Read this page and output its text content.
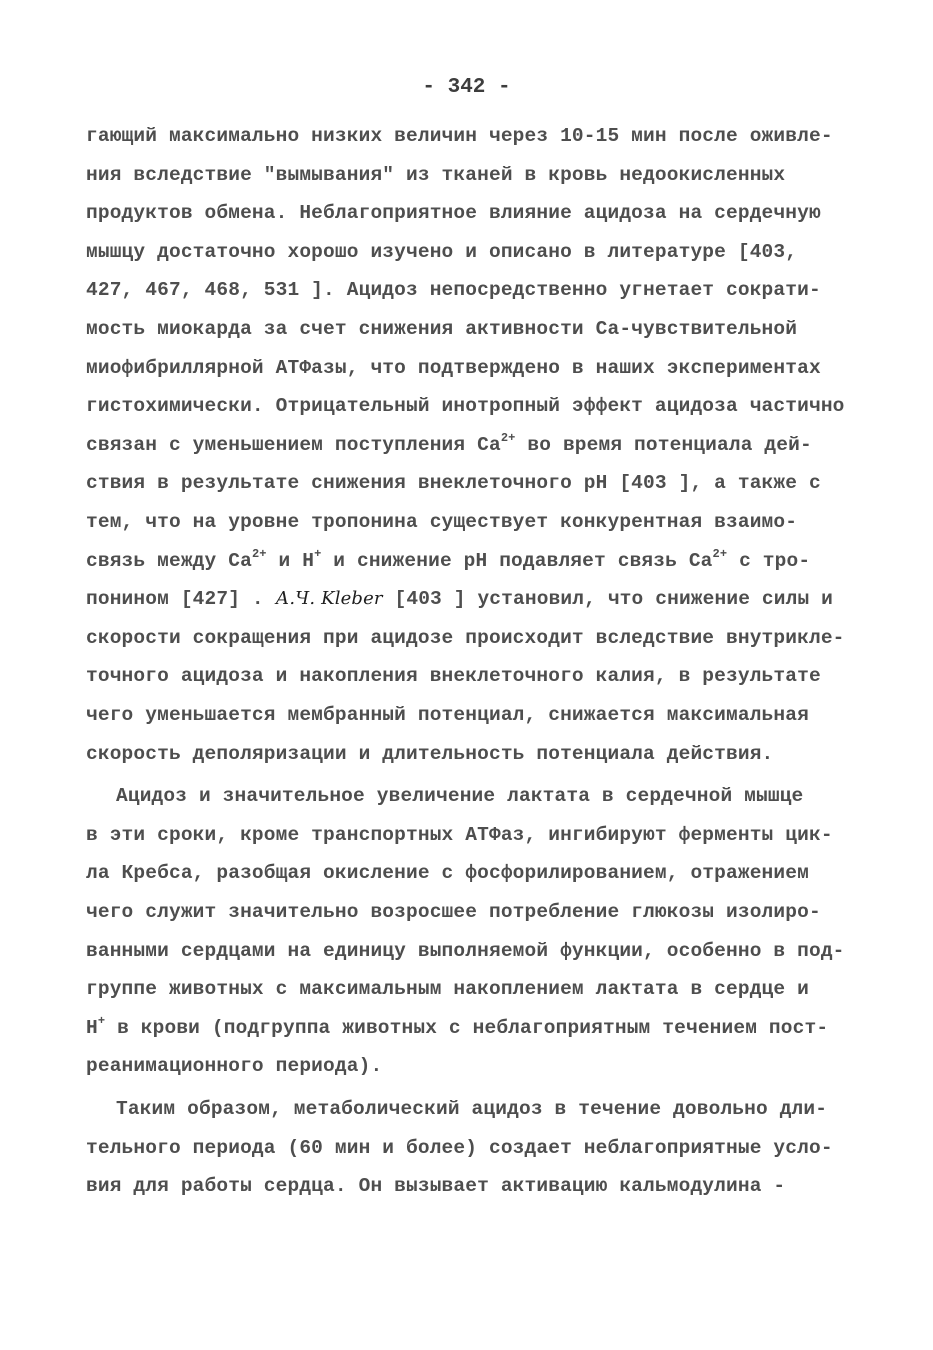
- 342 -
гающий максимально низких величин через 10-15 мин после оживле-
ния вследствие "вымывания" из тканей в кровь недоокисленных
продуктов обмена. Неблагоприятное влияние ацидоза на сердечную
мышцу достаточно хорошо изучено и описано в литературе [403,
427, 467, 468, 531 ]. Ацидоз непосредственно угнетает сократи-
мость миокарда за счет снижения активности Са-чувствительной
миофибриллярной АТФазы, что подтверждено в наших экспериментах
гистохимически. Отрицательный инотропный эффект ацидоза частично
связан с уменьшением поступления $Са^{2+}$ во время потенциала дей-
ствия в результате снижения внеклеточного рН [403 ], а также с
тем, что на уровне тропонина существует конкурентная взаимо-
связь между $Са^{2+}$ и Н+ и снижение рН подавляет связь $Са^{2+}$ с тро-
понином [427] . А.Ч. Kleber [403 ] установил, что снижение силы и
скорости сокращения при ацидозе происходит вследствие внутрикле-
точного ацидоза и накопления внеклеточного калия, в результате
чего уменьшается мембранный потенциал, снижается максимальная
скорость деполяризации и длительность потенциала действия.
Ацидоз и значительное увеличение лактата в сердечной мышце
в эти сроки, кроме транспортных АТФаз, ингибируют ферменты цик-
ла Кребса, разобщая окисление с фосфорилированием, отражением
чего служит значительно возросшее потребление глюкозы изолиро-
ванными сердцами на единицу выполняемой функции, особенно в под-
группе животных с максимальным накоплением лактата в сердце и
Н+ в крови (подгруппа животных с неблагоприятным течением пост-
реанимационного периода).
Таким образом, метаболический ацидоз в течение довольно дли-
тельного периода (60 мин и более) создает неблагоприятные усло-
вия для работы сердца. Он вызывает активацию кальмодулина -
